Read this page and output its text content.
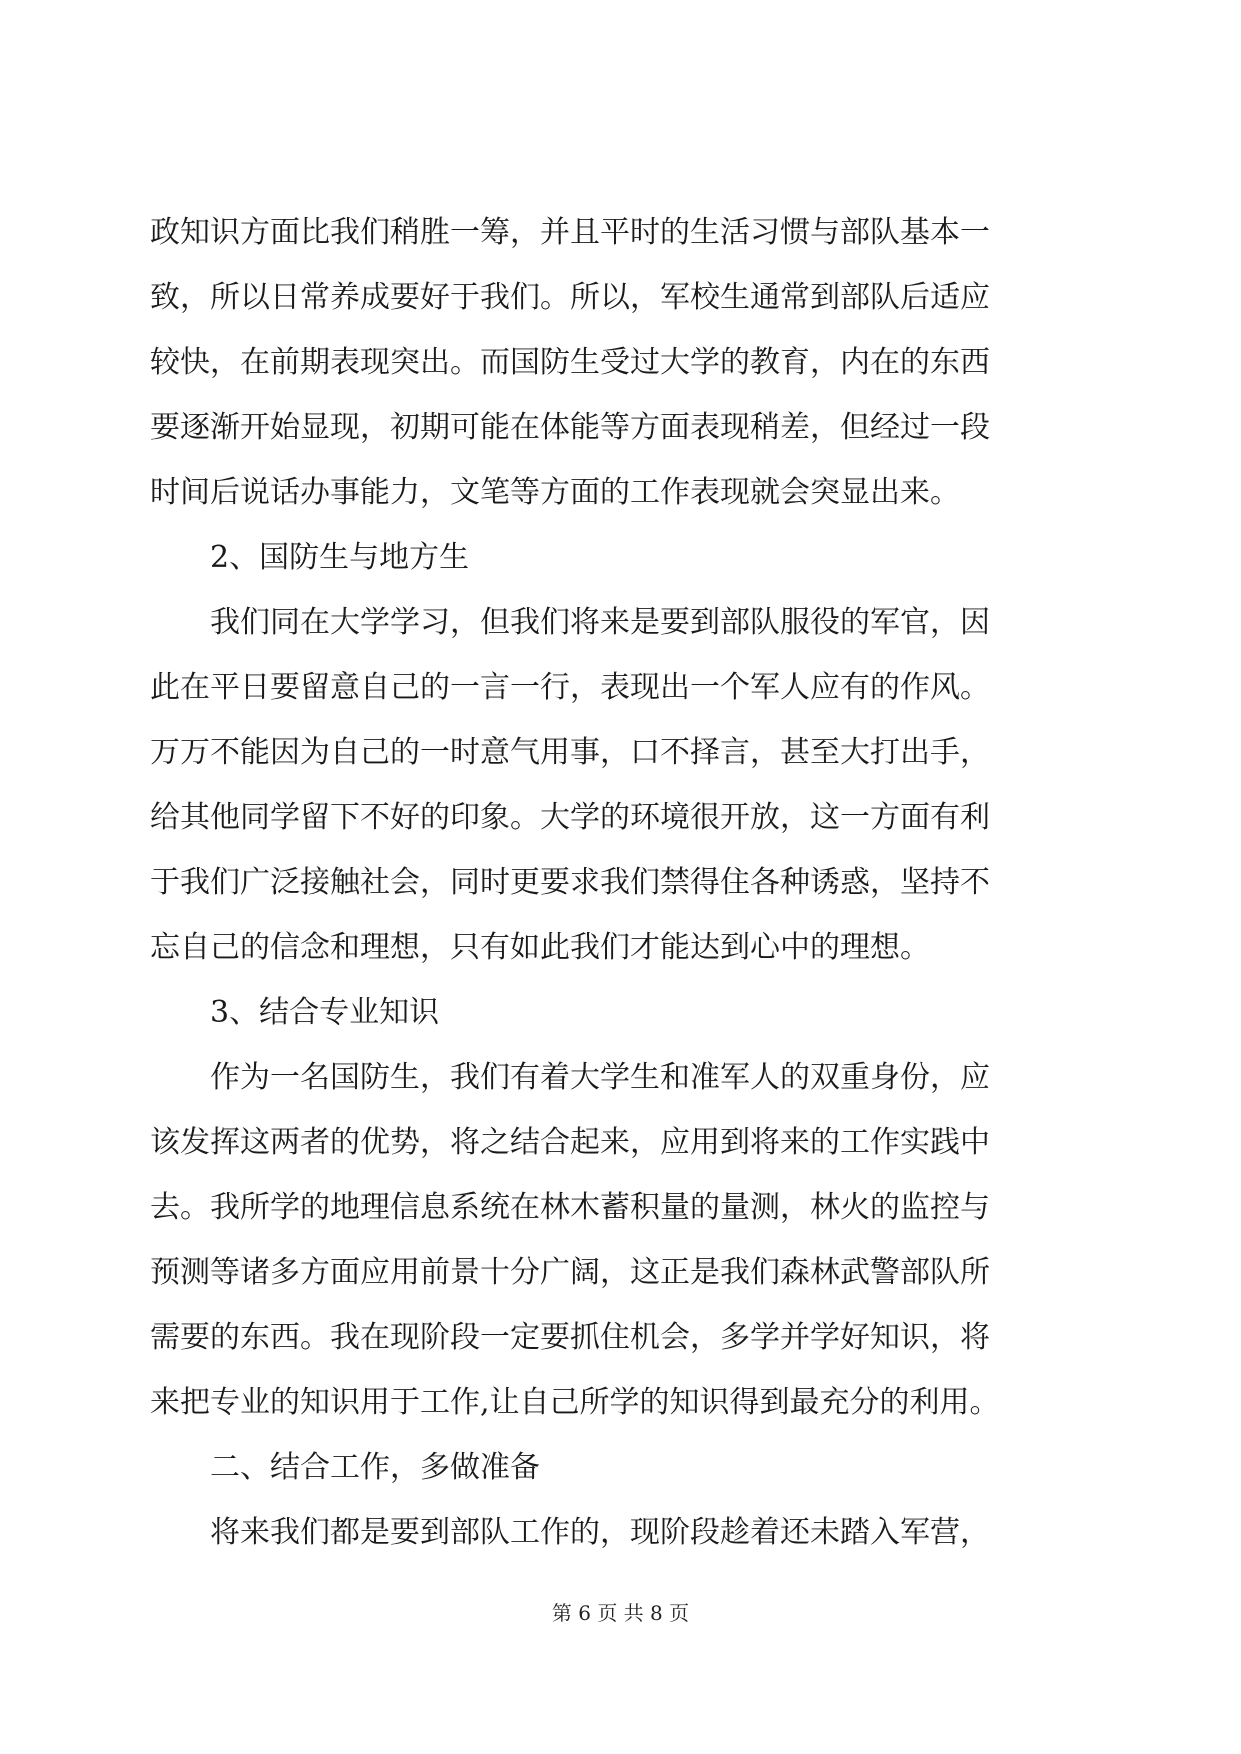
政知识方面比我们稍胜一筹，并且平时的生活习惯与部队基本一
致，所以日常养成要好于我们。所以，军校生通常到部队后适应
较快，在前期表现突出。而国防生受过大学的教育，内在的东西
要逐渐开始显现，初期可能在体能等方面表现稍差，但经过一段
时间后说话办事能力，文笔等方面的工作表现就会突显出来。
2、国防生与地方生
我们同在大学学习，但我们将来是要到部队服役的军官，因
此在平日要留意自己的一言一行，表现出一个军人应有的作风。
万万不能因为自己的一时意气用事，口不择言，甚至大打出手，
给其他同学留下不好的印象。大学的环境很开放，这一方面有利
于我们广泛接触社会，同时更要求我们禁得住各种诱惑，坚持不
忘自己的信念和理想，只有如此我们才能达到心中的理想。
3、结合专业知识
作为一名国防生，我们有着大学生和准军人的双重身份，应
该发挥这两者的优势，将之结合起来，应用到将来的工作实践中
去。我所学的地理信息系统在林木蓄积量的量测，林火的监控与
预测等诸多方面应用前景十分广阔，这正是我们森林武警部队所
需要的东西。我在现阶段一定要抓住机会，多学并学好知识，将
来把专业的知识用于工作,让自己所学的知识得到最充分的利用。
二、结合工作，多做准备
将来我们都是要到部队工作的，现阶段趁着还未踏入军营，
第 6 页 共 8 页
